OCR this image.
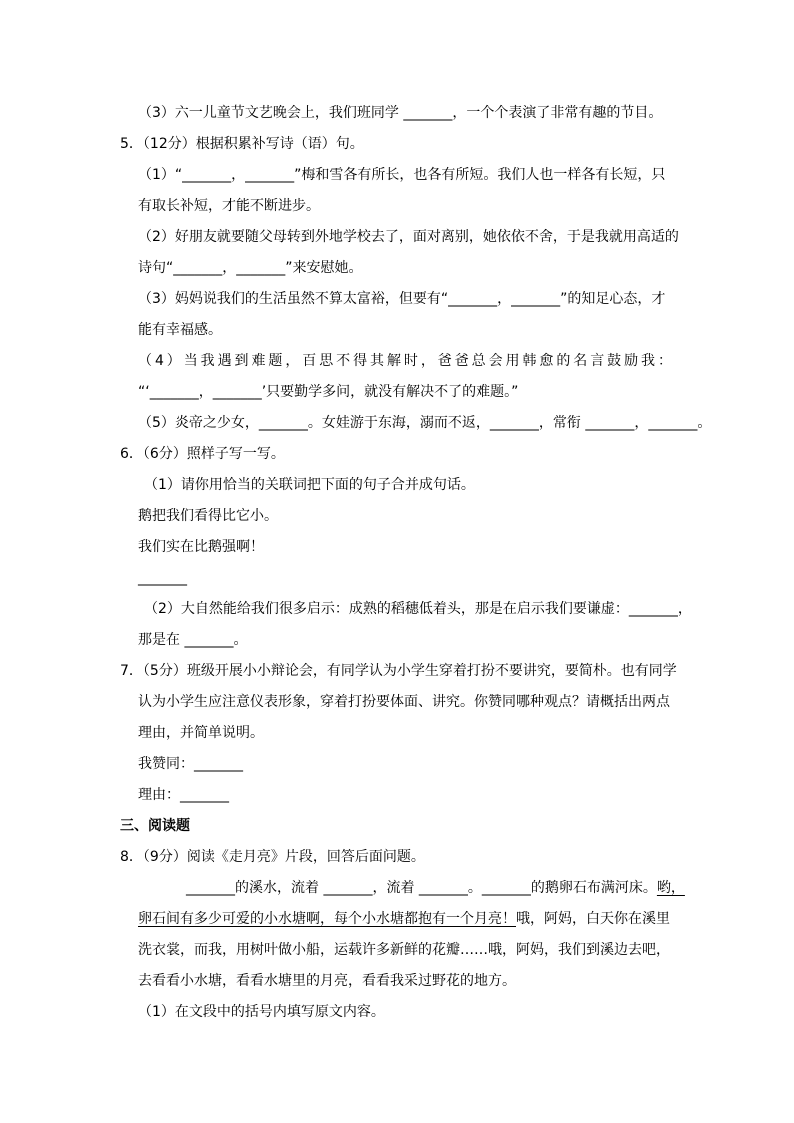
（3）六一儿童节文艺晚会上，我们班同学 _______，一个个表演了非常有趣的节目。
5．（12分）根据积累补写诗（语）句。
（1）“_______，_______”梅和雪各有所长，也各有所短。我们人也一样各有长短，只
有取长补短，才能不断进步。
（2）好朋友就要随父母转到外地学校去了，面对离别，她依依不舍，于是我就用高适的
诗句“_______，_______”来安慰她。
（3）妈妈说我们的生活虽然不算太富裕，但要有“_______，_______”的知足心态，才
能有幸福感。
（4）当我遇到难题，百思不得其解时，爸爸总会用韩愈的名言鼓励我：
“‘_______，_______’只要勤学多问，就没有解决不了的难题。”
（5）炎帝之少女，_______。女娃游于东海，溺而不返，_______，常衔 _______，_______。
6．（6分）照样子写一写。
（1）请你用恰当的关联词把下面的句子合并成句话。
鹅把我们看得比它小。
我们实在比鹅强啊！
_______
（2）大自然能给我们很多启示：成熟的稻穗低着头，那是在启示我们要谦虚：_______，
那是在 _______。
7．（5分）班级开展小小辩论会，有同学认为小学生穿着打扮不要讲究，要简朴。也有同学
认为小学生应注意仪表形象，穿着打扮要体面、讲究。你赞同哪种观点？请概括出两点
理由，并简单说明。
我赞同：_______
理由：_______
三、阅读题
8．（9分）阅读《走月亮》片段，回答后面问题。
_______的溪水，流着 _______，流着 _______。_______的鹅卵石布满河床。哟，
卵石间有多少可爱的小水塘啊，每个小水塘都抱有一个月亮！哦，阿妈，白天你在溪里
洗衣裳，而我，用树叶做小船，运载许多新鲜的花瓣……哦，阿妈，我们到溪边去吧，
去看看小水塘，看看水塘里的月亮，看看我采过野花的地方。
（1）在文段中的括号内填写原文内容。
